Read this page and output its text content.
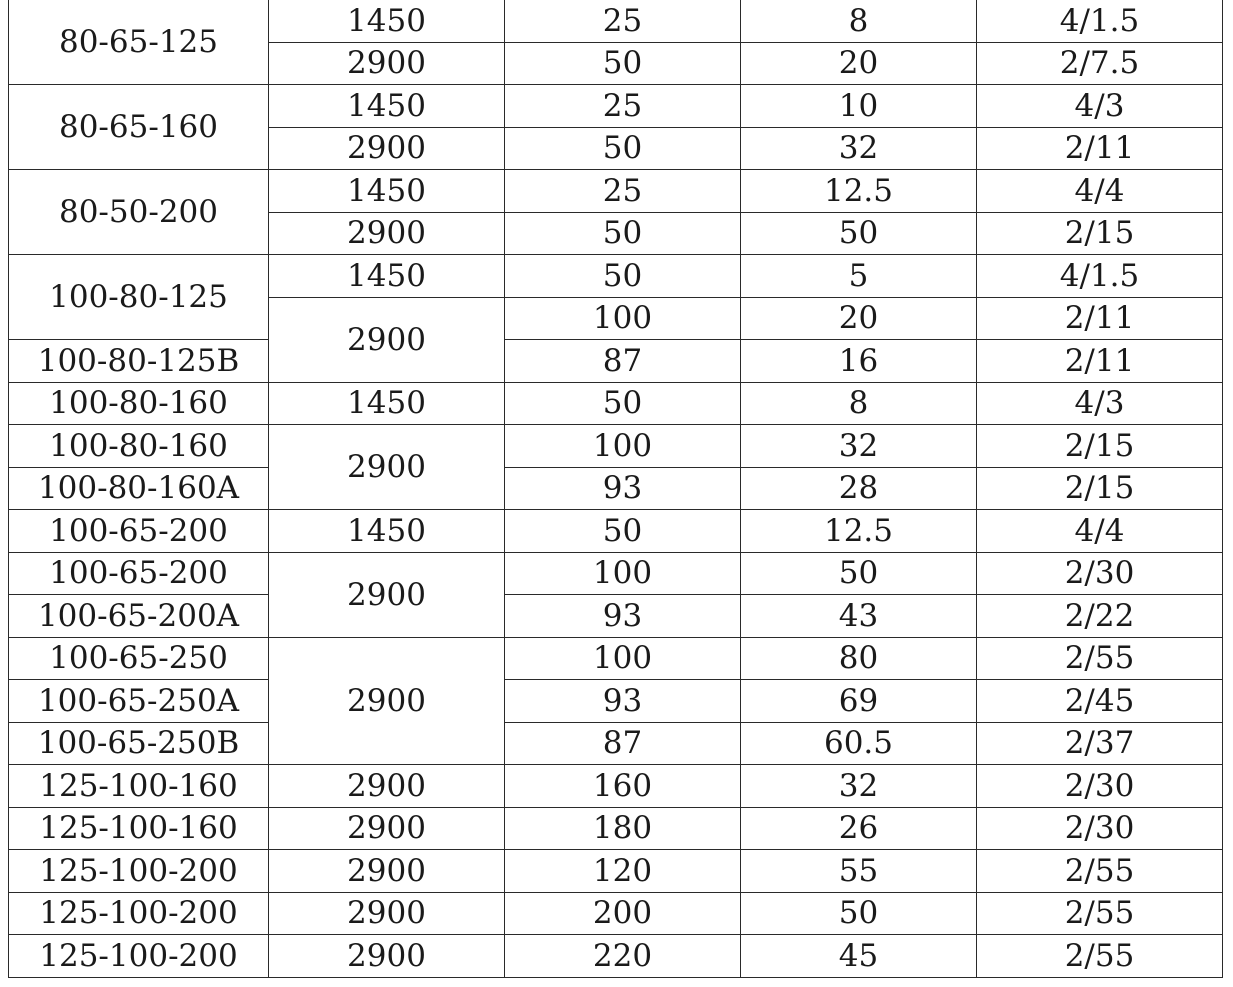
80-65-125	1450	25	8	4/1.5
	2900	50	20	2/7.5
80-65-160	1450	25	10	4/3
	2900	50	32	2/11
80-50-200	1450	25	12.5	4/4
	2900	50	50	2/15
100-80-125	1450	50	5	4/1.5
	2900	100	20	2/11
100-80-125B		87	16	2/11
100-80-160	1450	50	8	4/3
100-80-160	2900	100	32	2/15
100-80-160A		93	28	2/15
100-65-200	1450	50	12.5	4/4
100-65-200	2900	100	50	2/30
100-65-200A		93	43	2/22
100-65-250	2900	100	80	2/55
100-65-250A		93	69	2/45
100-65-250B		87	60.5	2/37
125-100-160	2900	160	32	2/30
125-100-160	2900	180	26	2/30
125-100-200	2900	120	55	2/55
125-100-200	2900	200	50	2/55
125-100-200	2900	220	45	2/55
